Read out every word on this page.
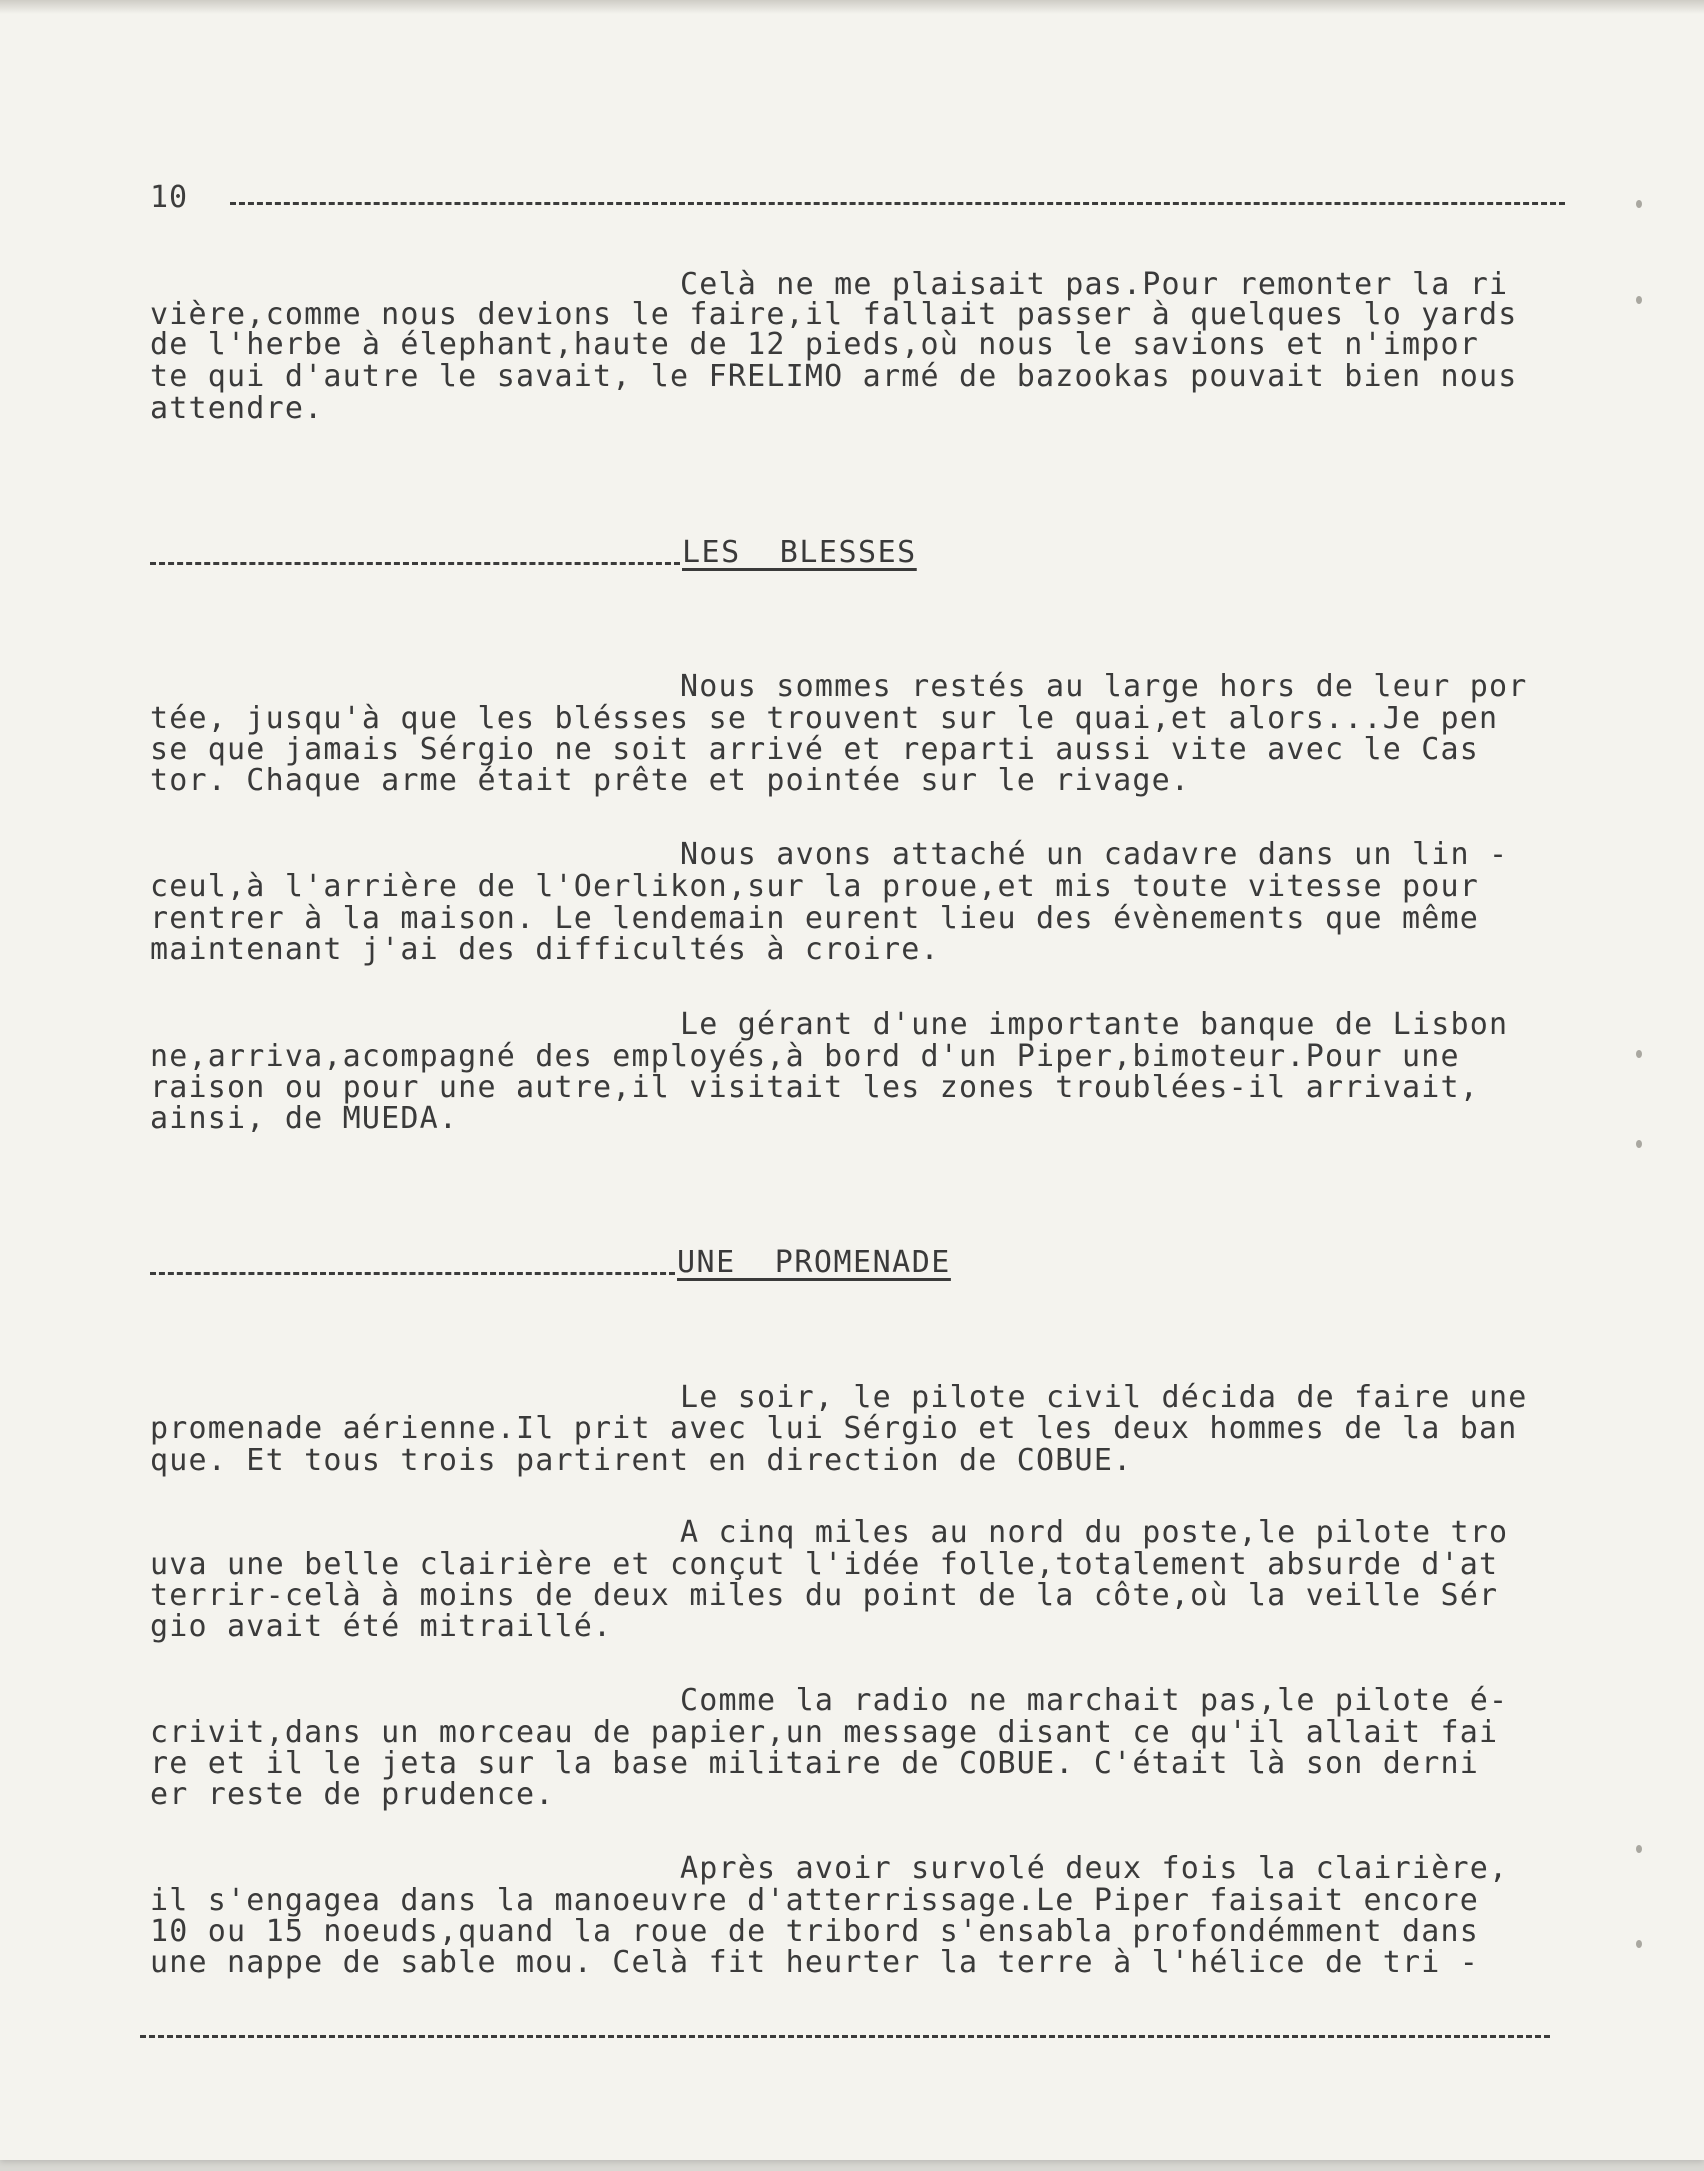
10
Celà ne me plaisait pas.Pour remonter la ri
vière,comme nous devions le faire,il fallait passer à quelques lo yards
de l'herbe à élephant,haute de 12 pieds,où nous le savions et n'impor
te qui d'autre le savait, le FRELIMO armé de bazookas pouvait bien nous
attendre.
LES  BLESSES
Nous sommes restés au large hors de leur por
tée, jusqu'à que les blésses se trouvent sur le quai,et alors...Je pen
se que jamais Sérgio ne soit arrivé et reparti aussi vite avec le Cas
tor. Chaque arme était prête et pointée sur le rivage.
Nous avons attaché un cadavre dans un lin -
ceul,à l'arrière de l'Oerlikon,sur la proue,et mis toute vitesse pour
rentrer à la maison. Le lendemain eurent lieu des évènements que même
maintenant j'ai des difficultés à croire.
Le gérant d'une importante banque de Lisbon
ne,arriva,acompagné des employés,à bord d'un Piper,bimoteur.Pour une
raison ou pour une autre,il visitait les zones troublées-il arrivait,
ainsi, de MUEDA.
UNE  PROMENADE
Le soir, le pilote civil décida de faire une
promenade aérienne.Il prit avec lui Sérgio et les deux hommes de la ban
que. Et tous trois partirent en direction de COBUE.
A cinq miles au nord du poste,le pilote tro
uva une belle clairière et conçut l'idée folle,totalement absurde d'at
terrir-celà à moins de deux miles du point de la côte,où la veille Sér
gio avait été mitraillé.
Comme la radio ne marchait pas,le pilote é-
crivit,dans un morceau de papier,un message disant ce qu'il allait fai
re et il le jeta sur la base militaire de COBUE. C'était là son derni
er reste de prudence.
Après avoir survolé deux fois la clairière,
il s'engagea dans la manoeuvre d'atterrissage.Le Piper faisait encore
10 ou 15 noeuds,quand la roue de tribord s'ensabla profondémment dans
une nappe de sable mou. Celà fit heurter la terre à l'hélice de tri -
